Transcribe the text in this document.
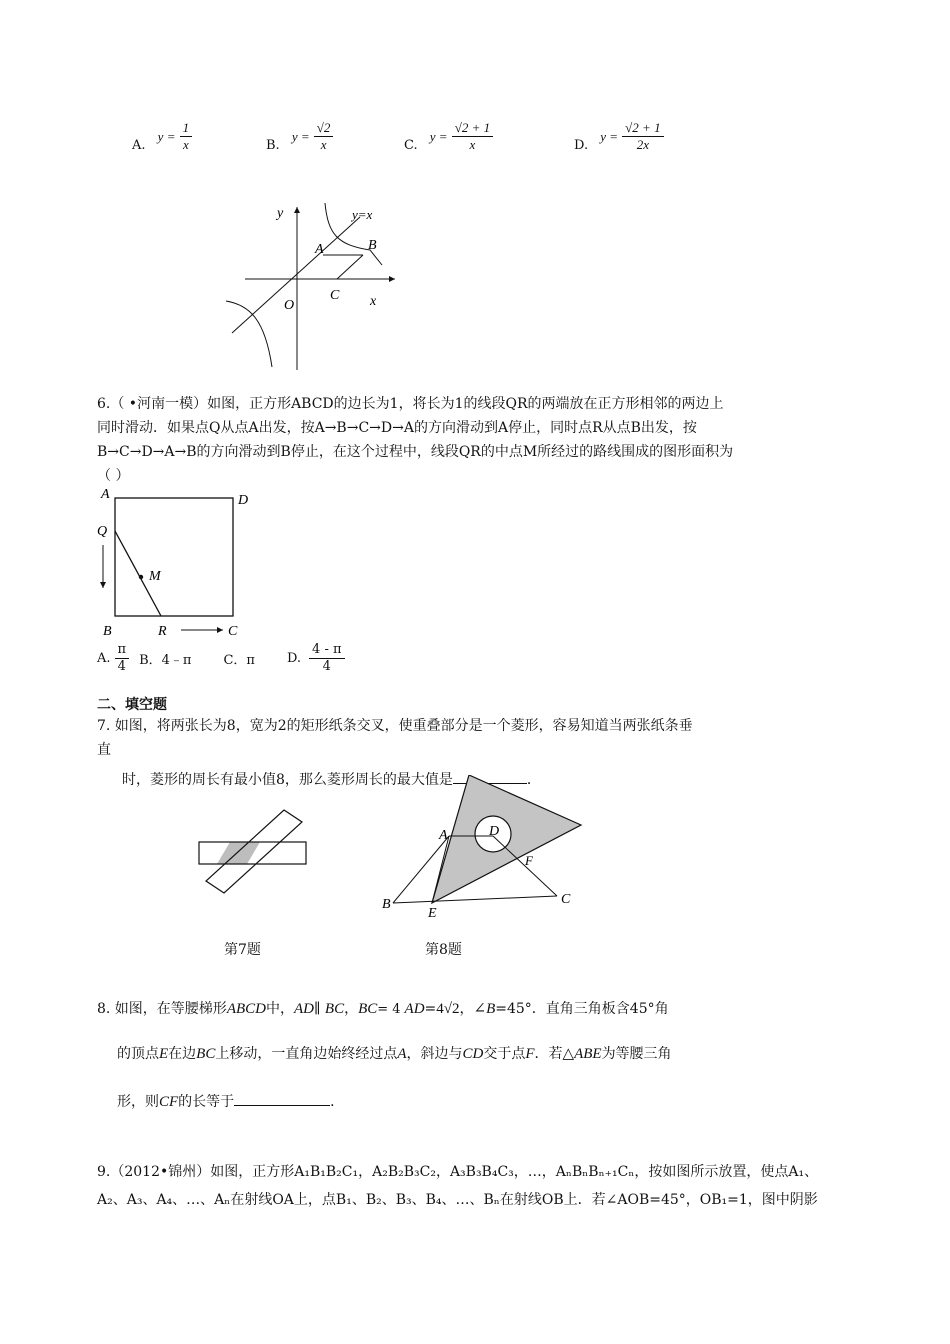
A. $y = \frac{1}{x}$	B. $y = \frac{√2}{x}$	C. $y = \frac{√2 + 1}{x}$	D. $y = \frac{√2 + 1}{2x}$
y
x
y=x
A	B
C
O
6.（ •河南一模）如图，正方形ABCD的边长为1，将长为1的线段QR的两端放在正方形相邻的两边上
同时滑动．如果点Q从点A出发，按A→B→C→D→A的方向滑动到A停止，同时点R从点B出发，按
B→C→D→A→B的方向滑动到B停止，在这个过程中，线段QR的中点M所经过的路线围成的图形面积为
（ ）
A	D
Q
M
B	R	C
A. $\frac{\pi}{4}$ B．4﹣π C．π D. $\frac{4 - \pi}{4}$
二、填空题
7. 如图，将两张长为8，宽为2的矩形纸条交叉，使重叠部分是一个菱形，容易知道当两张纸条垂
直
时，菱形的周长有最小值8，那么菱形周长的最大值是	．
第7题
A	D
F
B
E
C
第8题
8. 如图，在等腰梯形ABCD中，AD∥ BC，BC= 4 AD=4√2，∠B=45°．直角三角板含45°角
的顶点E在边BC上移动，一直角边始终经过点A，斜边与CD交于点F．若△ABE为等腰三角
形，则CF的长等于	．
9.（2012•锦州）如图，正方形A₁B₁B₂C₁，A₂B₂B₃C₂，A₃B₃B₄C₃，…，AₙBₙBₙ₊₁Cₙ，按如图所示放置，使点A₁、
A₂、A₃、A₄、…、Aₙ在射线OA上，点B₁、B₂、B₃、B₄、…、Bₙ在射线OB上．若∠AOB=45°，OB₁=1，图中阴影
